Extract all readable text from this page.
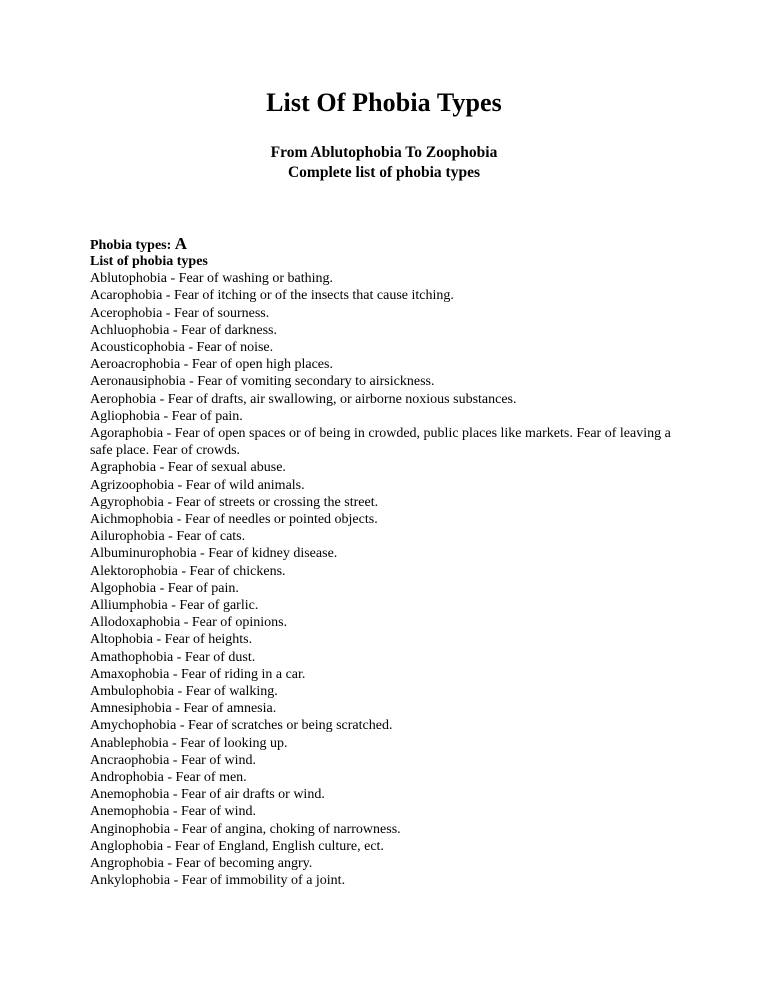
List Of Phobia Types
From Ablutophobia To Zoophobia
Complete list of phobia types
Phobia types: A
List of phobia types
Ablutophobia - Fear of washing or bathing.
Acarophobia - Fear of itching or of the insects that cause itching.
Acerophobia - Fear of sourness.
Achluophobia - Fear of darkness.
Acousticophobia - Fear of noise.
Aeroacrophobia - Fear of open high places.
Aeronausiphobia - Fear of vomiting secondary to airsickness.
Aerophobia - Fear of drafts, air swallowing, or airborne noxious substances.
Agliophobia - Fear of pain.
Agoraphobia - Fear of open spaces or of being in crowded, public places like markets. Fear of leaving a safe place. Fear of crowds.
Agraphobia - Fear of sexual abuse.
Agrizoophobia - Fear of wild animals.
Agyrophobia - Fear of streets or crossing the street.
Aichmophobia - Fear of needles or pointed objects.
Ailurophobia - Fear of cats.
Albuminurophobia - Fear of kidney disease.
Alektorophobia - Fear of chickens.
Algophobia - Fear of pain.
Alliumphobia - Fear of garlic.
Allodoxaphobia - Fear of opinions.
Altophobia - Fear of heights.
Amathophobia - Fear of dust.
Amaxophobia - Fear of riding in a car.
Ambulophobia - Fear of walking.
Amnesiphobia - Fear of amnesia.
Amychophobia - Fear of scratches or being scratched.
Anablephobia - Fear of looking up.
Ancraophobia - Fear of wind.
Androphobia - Fear of men.
Anemophobia - Fear of air drafts or wind.
Anemophobia - Fear of wind.
Anginophobia - Fear of angina, choking of narrowness.
Anglophobia - Fear of England, English culture, ect.
Angrophobia - Fear of becoming angry.
Ankylophobia - Fear of immobility of a joint.
